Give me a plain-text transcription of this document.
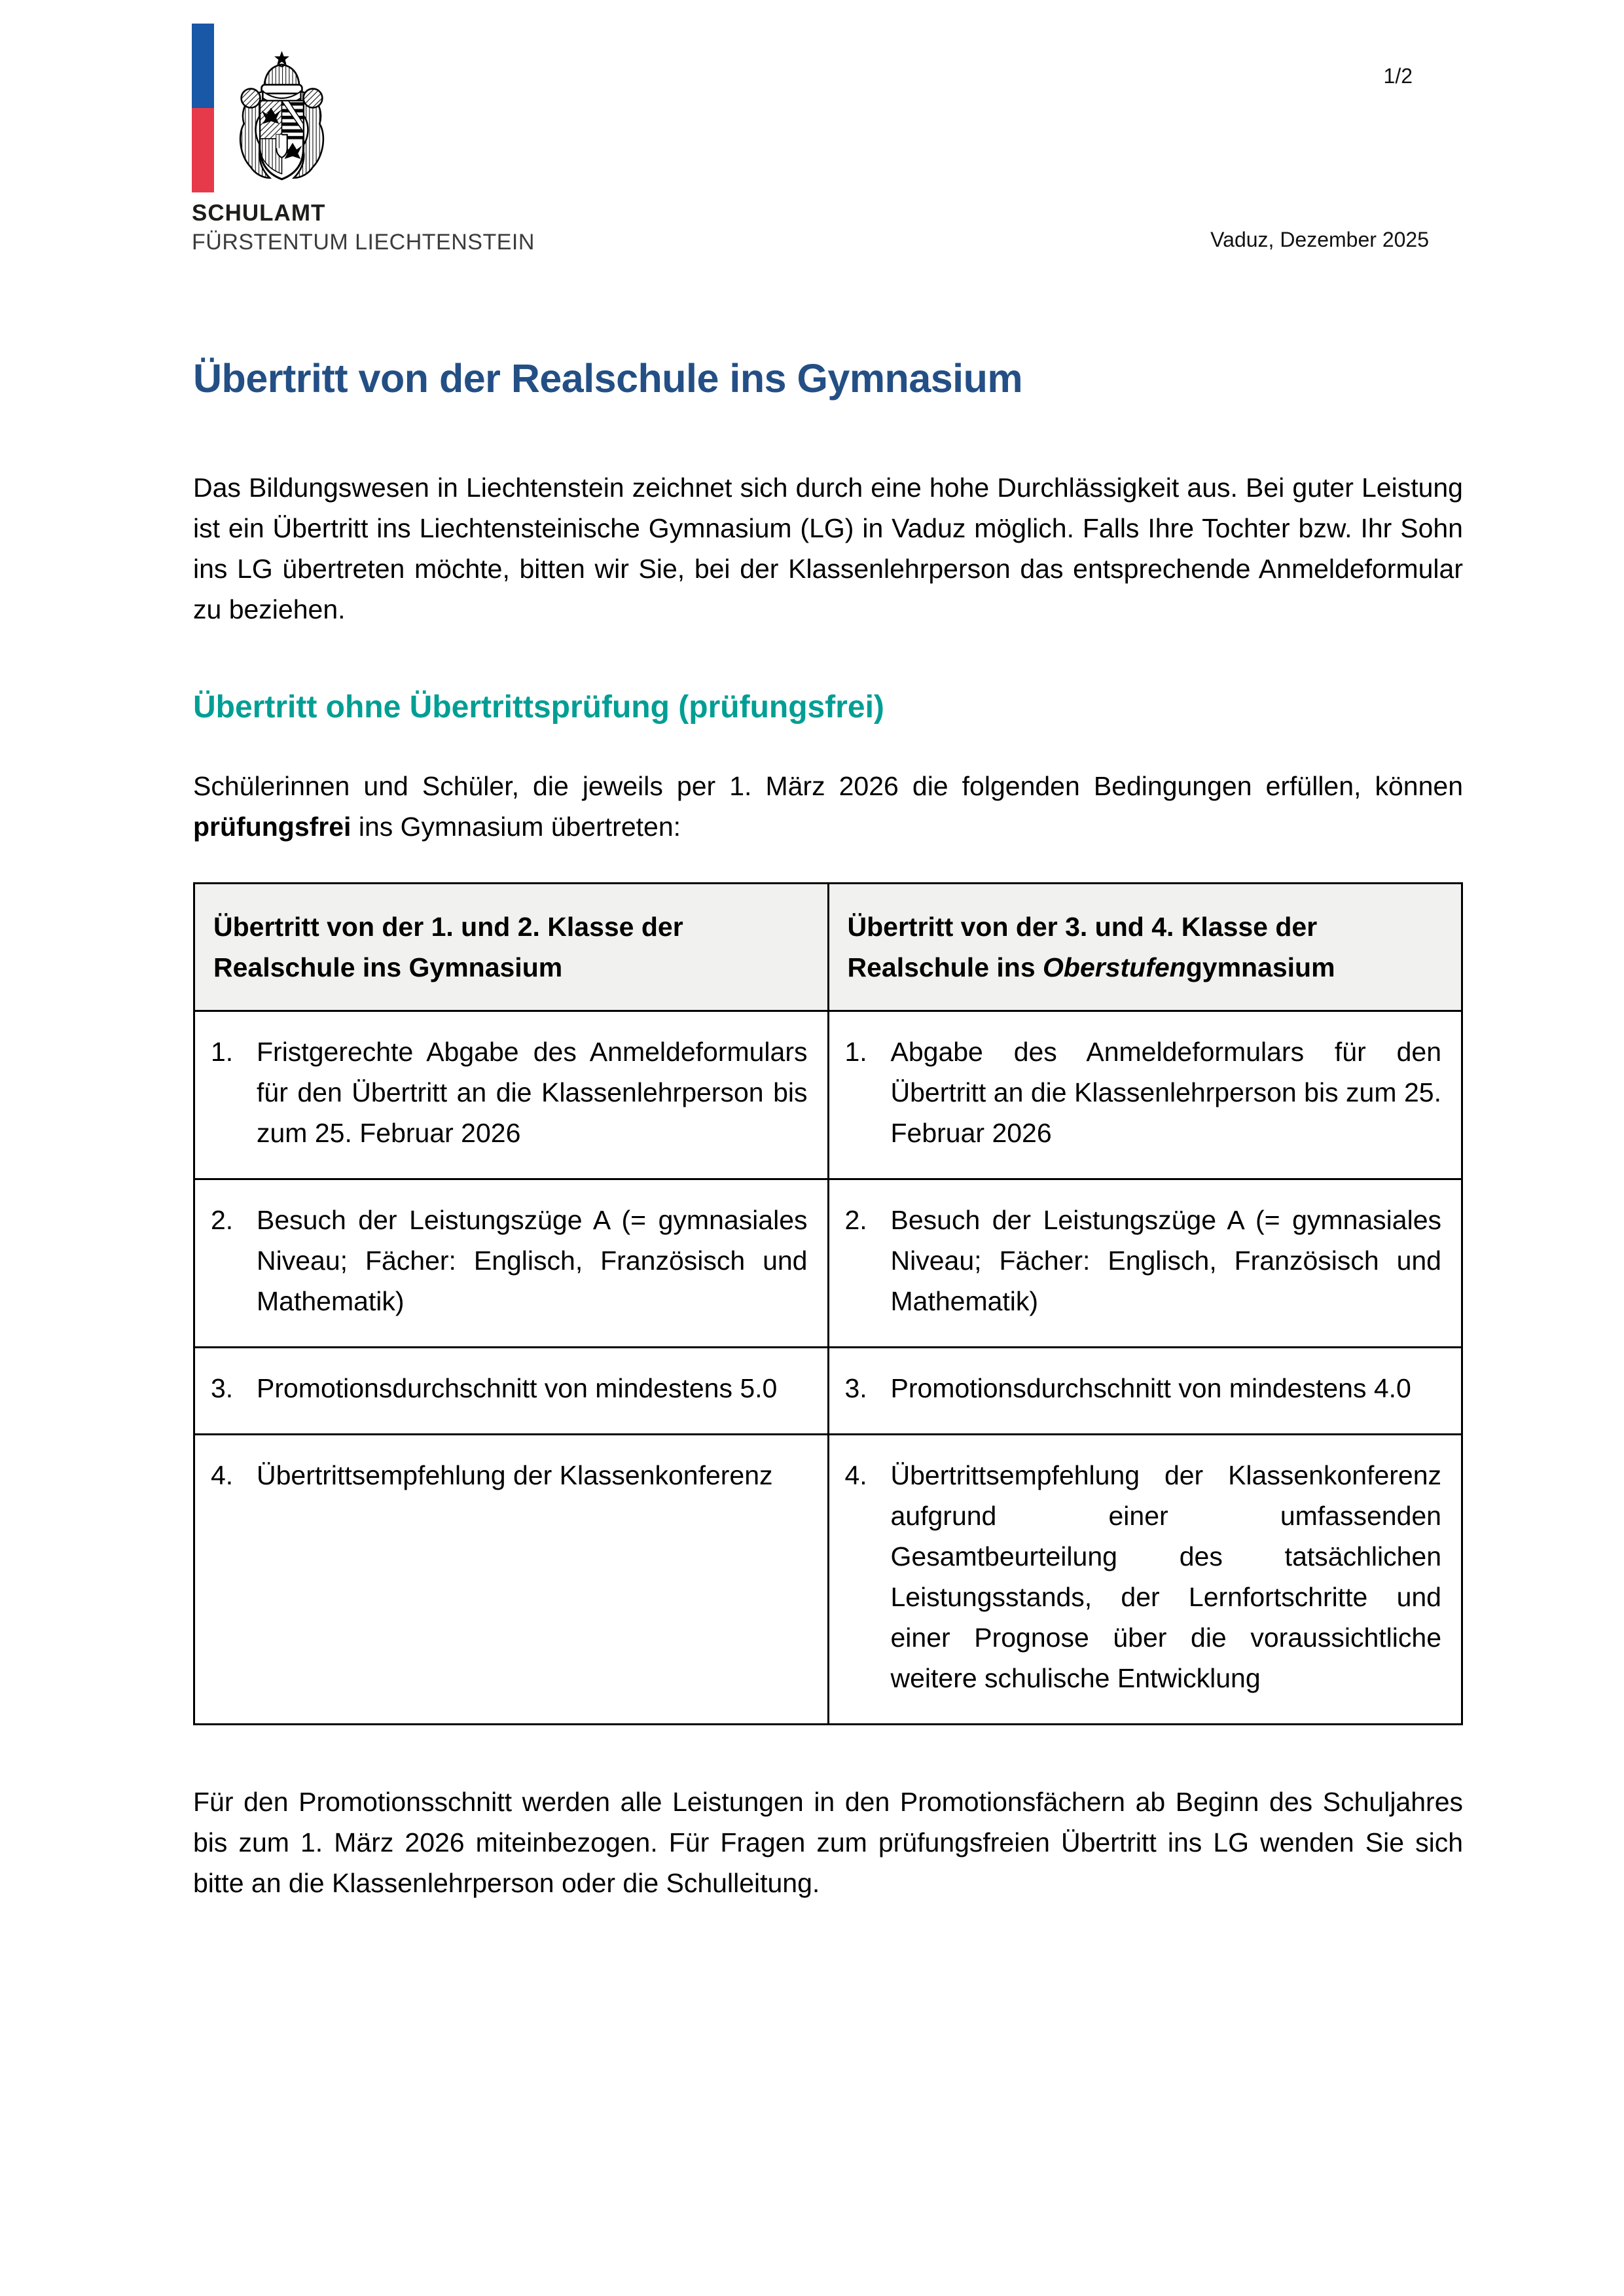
SCHULAMT

FÜRSTENTUM LIECHTENSTEIN

1/2
Vaduz, Dezember 2025
Übertritt von der Realschule ins Gymnasium

Das Bildungswesen in Liechtenstein zeichnet sich durch eine hohe Durchlässigkeit aus. Bei guter Leistung ist ein Übertritt ins Liechtensteinische Gymnasium (LG) in Vaduz möglich. Falls Ihre Tochter bzw. Ihr Sohn ins LG übertreten möchte, bitten wir Sie, bei der Klassenlehrperson das entsprechende Anmeldeformular zu beziehen.

Übertritt ohne Übertrittsprüfung (prüfungsfrei)

Schülerinnen und Schüler, die jeweils per 1. März 2026 die folgenden Bedingungen erfüllen, können prüfungsfrei ins Gymnasium übertreten:

Übertritt von der 1. und 2. Klasse der Realschule ins Gymnasium	Übertritt von der 3. und 4. Klasse der Realschule ins Oberstufengymnasium

1. Fristgerechte Abgabe des Anmeldeformulars für den Übertritt an die Klassenlehrperson bis zum 25. Februar 2026	1. Abgabe des Anmeldeformulars für den Übertritt an die Klassenlehrperson bis zum 25. Februar 2026

2. Besuch der Leistungszüge A (= gymnasiales Niveau; Fächer: Englisch, Französisch und Mathematik)	2. Besuch der Leistungszüge A (= gymnasiales Niveau; Fächer: Englisch, Französisch und Mathematik)

3. Promotionsdurchschnitt von mindestens 5.0	3. Promotionsdurchschnitt von mindestens 4.0

4. Übertrittsempfehlung der Klassenkonferenz	4. Übertrittsempfehlung der Klassenkonferenz aufgrund einer umfassenden Gesamtbeurteilung des tatsächlichen Leistungsstands, der Lernfortschritte und einer Prognose über die voraussichtliche weitere schulische Entwicklung

Für den Promotionsschnitt werden alle Leistungen in den Promotionsfächern ab Beginn des Schuljahres bis zum 1. März 2026 miteinbezogen. Für Fragen zum prüfungsfreien Übertritt ins LG wenden Sie sich bitte an die Klassenlehrperson oder die Schulleitung.
